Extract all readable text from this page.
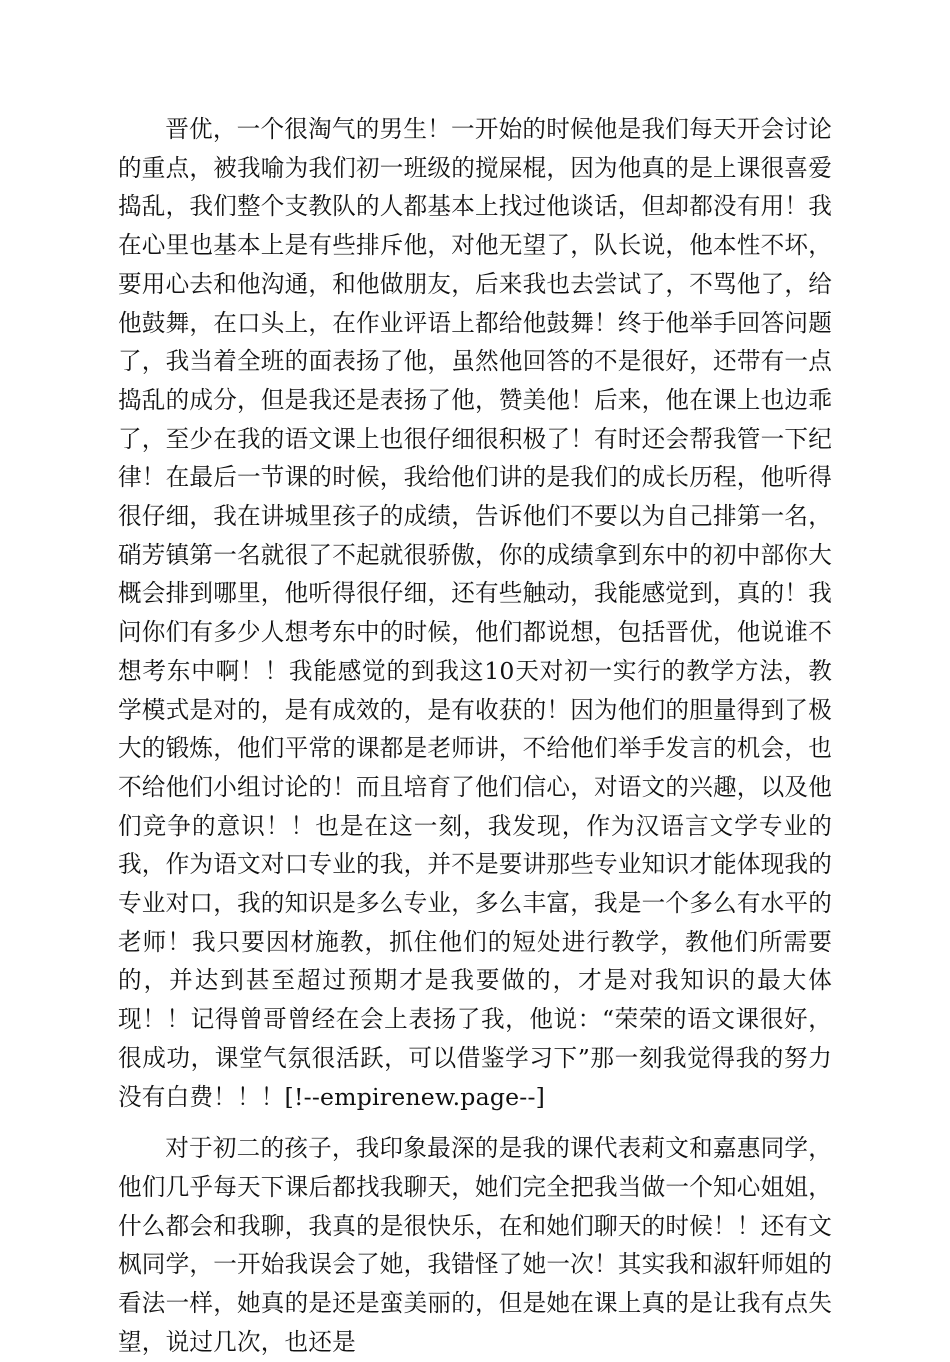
晋优，一个很淘气的男生！一开始的时候他是我们每天开会讨论的重点，被我喻为我们初一班级的搅屎棍，因为他真的是上课很喜爱捣乱，我们整个支教队的人都基本上找过他谈话，但却都没有用！我在心里也基本上是有些排斥他，对他无望了，队长说，他本性不坏，要用心去和他沟通，和他做朋友，后来我也去尝试了，不骂他了，给他鼓舞，在口头上，在作业评语上都给他鼓舞！终于他举手回答问题了，我当着全班的面表扬了他，虽然他回答的不是很好，还带有一点捣乱的成分，但是我还是表扬了他，赞美他！后来，他在课上也边乖了，至少在我的语文课上也很仔细很积极了！有时还会帮我管一下纪律！在最后一节课的时候，我给他们讲的是我们的成长历程，他听得很仔细，我在讲城里孩子的成绩，告诉他们不要以为自己排第一名，硝芳镇第一名就很了不起就很骄傲，你的成绩拿到东中的初中部你大概会排到哪里，他听得很仔细，还有些触动，我能感觉到，真的！我问你们有多少人想考东中的时候，他们都说想，包括晋优，他说谁不想考东中啊！！我能感觉的到我这10天对初一实行的教学方法，教学模式是对的，是有成效的，是有收获的！因为他们的胆量得到了极大的锻炼，他们平常的课都是老师讲，不给他们举手发言的机会，也不给他们小组讨论的！而且培育了他们信心，对语文的兴趣，以及他们竞争的意识！！也是在这一刻，我发现，作为汉语言文学专业的我，作为语文对口专业的我，并不是要讲那些专业知识才能体现我的专业对口，我的知识是多么专业，多么丰富，我是一个多么有水平的老师！我只要因材施教，抓住他们的短处进行教学，教他们所需要的，并达到甚至超过预期才是我要做的，才是对我知识的最大体现！！记得曾哥曾经在会上表扬了我，他说：“荣荣的语文课很好，很成功，课堂气氛很活跃，可以借鉴学习下”那一刻我觉得我的努力没有白费！！！[!--empirenew.page--]

对于初二的孩子，我印象最深的是我的课代表莉文和嘉惠同学，他们几乎每天下课后都找我聊天，她们完全把我当做一个知心姐姐，什么都会和我聊，我真的是很快乐，在和她们聊天的时候！！还有文枫同学，一开始我误会了她，我错怪了她一次！其实我和淑轩师姐的看法一样，她真的是还是蛮美丽的，但是她在课上真的是让我有点失望，说过几次，也还是
